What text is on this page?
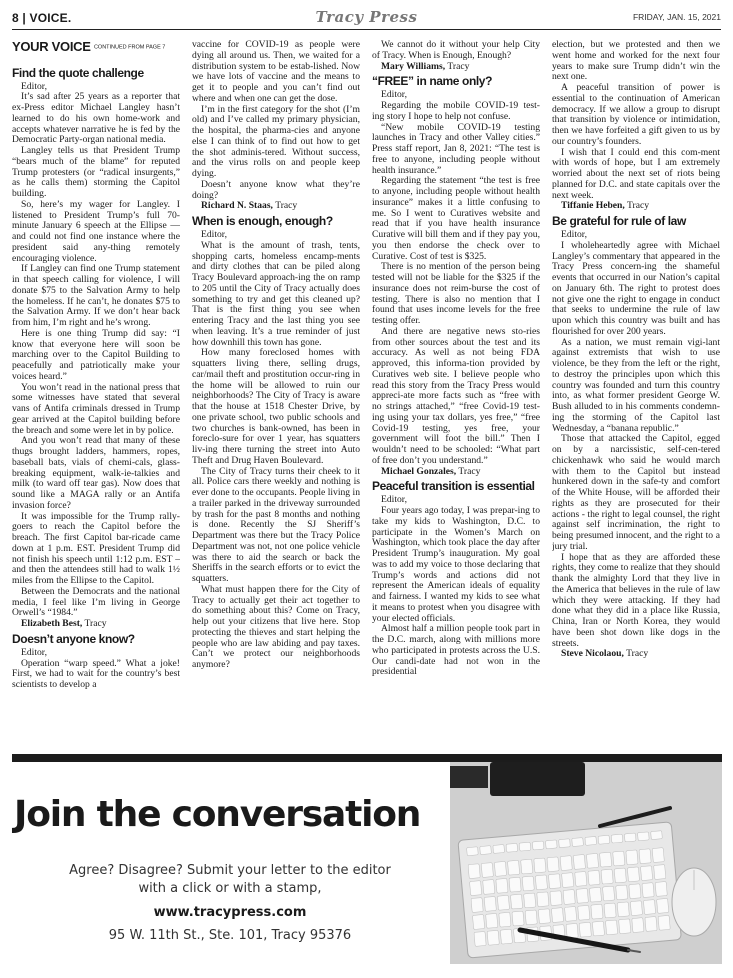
8 | VOICE.	Tracy Press	FRIDAY, JAN. 15, 2021
YOUR VOICE CONTINUED FROM PAGE 7
Find the quote challenge

Editor,

It’s sad after 25 years as a reporter that ex-Press editor Michael Langley hasn’t learned to do his own home-work and accepts whatever narrative he is fed by the Democratic Party-organ national media.

Langley tells us that President Trump “bears much of the blame” for reputed Trump protesters (or “radical insurgents,” as he calls them) storming the Capitol building.

So, here’s my wager for Langley. I listened to President Trump’s full 70-minute January 6 speech at the Ellipse — and could not find one instance where the president said any-thing remotely encouraging violence.

If Langley can find one Trump statement in that speech calling for violence, I will donate $75 to the Salvation Army to help the homeless. If he can’t, he donates $75 to the Salvation Army. If we don’t hear back from him, I’m right and he’s wrong.

Here is one thing Trump did say: “I know that everyone here will soon be marching over to the Capitol Building to peacefully and patriotically make your voices heard.”

You won’t read in the national press that some witnesses have stated that several vans of Antifa criminals dressed in Trump gear arrived at the Capitol building before the breach and some were let in by police.

And you won’t read that many of these thugs brought ladders, hammers, ropes, baseball bats, vials of chemi-cals, glass-breaking equipment, walk-ie-talkies and milk (to ward off tear gas). Now does that sound like a MAGA rally or an Antifa invasion force?

It was impossible for the Trump rally-goers to reach the Capitol before the breach. The first Capitol bar-ricade came down at 1 p.m. EST. President Trump did not finish his speech until 1:12 p.m. EST – and then the attendees still had to walk 1½ miles from the Ellipse to the Capitol.

Between the Democrats and the national media, I feel like I’m living in George Orwell’s “1984.”

Elizabeth Best, Tracy

Doesn’t anyone know?

Editor,

Operation “warp speed.” What a joke! First, we had to wait for the country’s best scientists to develop a

vaccine for COVID-19 as people were dying all around us. Then, we waited for a distribution system to be estab-lished. Now we have lots of vaccine and the means to get it to people and you can’t find out where and when one can get the dose.

I’m in the first category for the shot (I’m old) and I’ve called my primary physician, the hospital, the pharma-cies and anyone else I can think of to find out how to get the shot adminis-tered. Without success, and the virus rolls on and people keep dying.

Doesn’t anyone know what they’re doing?

Richard N. Staas, Tracy

When is enough, enough?

Editor,

What is the amount of trash, tents, shopping carts, homeless encamp-ments and dirty clothes that can be piled along Tracy Boulevard approach-ing the on ramp to 205 until the City of Tracy actually does something to try and get this cleaned up? That is the first thing you see when entering Tracy and the last thing you see when leaving. It’s a true reminder of just how downhill this town has gone.

How many foreclosed homes with squatters living there, selling drugs, car/mail theft and prostitution occur-ring in the home will be allowed to ruin our neighborhoods? The City of Tracy is aware that the house at 1518 Chester Drive, by one private school, two public schools and two churches is bank-owned, has been in foreclo-sure for over 1 year, has squatters liv-ing there turning the street into Auto Theft and Drug Haven Boulevard.

The City of Tracy turns their cheek to it all. Police cars there weekly and nothing is ever done to the occupants. People living in a trailer parked in the driveway surrounded by trash for the past 8 months and nothing is done. Recently the SJ Sheriff’s Department was there but the Tracy Police Department was not, not one police vehicle was there to aid the search or back the Sheriffs in the search efforts or to evict the squatters.

What must happen there for the City of Tracy to actually get their act together to do something about this? Come on Tracy, help out your citizens that live here. Stop protecting the thieves and start helping the people who are law abiding and pay taxes. Can’t we protect our neighborhoods anymore?

We cannot do it without your help City of Tracy. When is Enough, Enough?

Mary Williams, Tracy

“FREE” in name only?

Editor,

Regarding the mobile COVID-19 test-ing story I hope to help not confuse.

“New mobile COVID-19 testing launches in Tracy and other Valley cities.” Press staff report, Jan 8, 2021: “The test is free to anyone, including people without health insurance.”

Regarding the statement “the test is free to anyone, including people without health insurance” makes it a little confusing to me. So I went to Curatives website and read that if you have health insurance Curative will bill them and if they pay you, you then endorse the check over to Curative. Cost of test is $325.

There is no mention of the person being tested will not be liable for the $325 if the insurance does not reim-burse the cost of testing. There is also no mention that I found that uses income levels for the free testing offer.

And there are negative news sto-ries from other sources about the test and its accuracy. As well as not being FDA approved, this informa-tion provided by Curatives web site. I believe people who read this story from the Tracy Press would appreci-ate more facts such as “free with no strings attached,” “free Covid-19 test-ing using your tax dollars, yes free,” “free Covid-19 testing, yes free, your government will foot the bill.” Then I wouldn’t need to be schooled: “What part of free don’t you understand.”

Michael Gonzales, Tracy

Peaceful transition is essential

Editor,

Four years ago today, I was prepar-ing to take my kids to Washington, D.C. to participate in the Women’s March on Washington, which took place the day after President Trump’s inauguration. My goal was to add my voice to those declaring that Trump’s words and actions did not represent the American ideals of equality and fairness. I wanted my kids to see what it means to protest when you disagree with your elected officials.

Almost half a million people took part in the D.C. march, along with millions more who participated in protests across the U.S. Our candi-date had not won in the presidential

election, but we protested and then we went home and worked for the next four years to make sure Trump didn’t win the next one.

A peaceful transition of power is essential to the continuation of American democracy. If we allow a group to disrupt that transition by violence or intimidation, then we have forfeited a gift given to us by our country’s founders.

I wish that I could end this com-ment with words of hope, but I am extremely worried about the next set of riots being planned for D.C. and state capitals over the next week.

Tiffanie Heben, Tracy

Be grateful for rule of law

Editor,

I wholeheartedly agree with Michael Langley’s commentary that appeared in the Tracy Press concern-ing the shameful events that occurred in our Nation’s capital on January 6th. The right to protest does not give one the right to engage in conduct that seeks to undermine the rule of law upon which this country was built and has flourished for over 200 years.

As a nation, we must remain vigi-lant against extremists that wish to use violence, be they from the left or the right, to destroy the principles upon which this country was founded and turn this country into, as what former president George W. Bush alluded to in his comments condemn-ing the storming of the Capitol last Wednesday, a “banana republic.”

Those that attacked the Capitol, egged on by a narcissistic, self-cen-tered chickenhawk who said he would march with them to the Capitol but instead hunkered down in the safe-ty and comfort of the White House, will be afforded their rights as they are prosecuted for their actions - the right to legal counsel, the right against self incrimination, the right to being presumed innocent, and the right to a jury trial.

I hope that as they are afforded these rights, they come to realize that they should thank the almighty Lord that they live in the America that believes in the rule of law which they were attacking. If they had done what they did in a place like Russia, China, Iran or North Korea, they would have been shot down like dogs in the streets.

Steve Nicolaou, Tracy

Join the conversation
Agree? Disagree? Submit your letter to the editor
with a click or with a stamp,
www.tracypress.com
95 W. 11th St., Ste. 101, Tracy 95376
